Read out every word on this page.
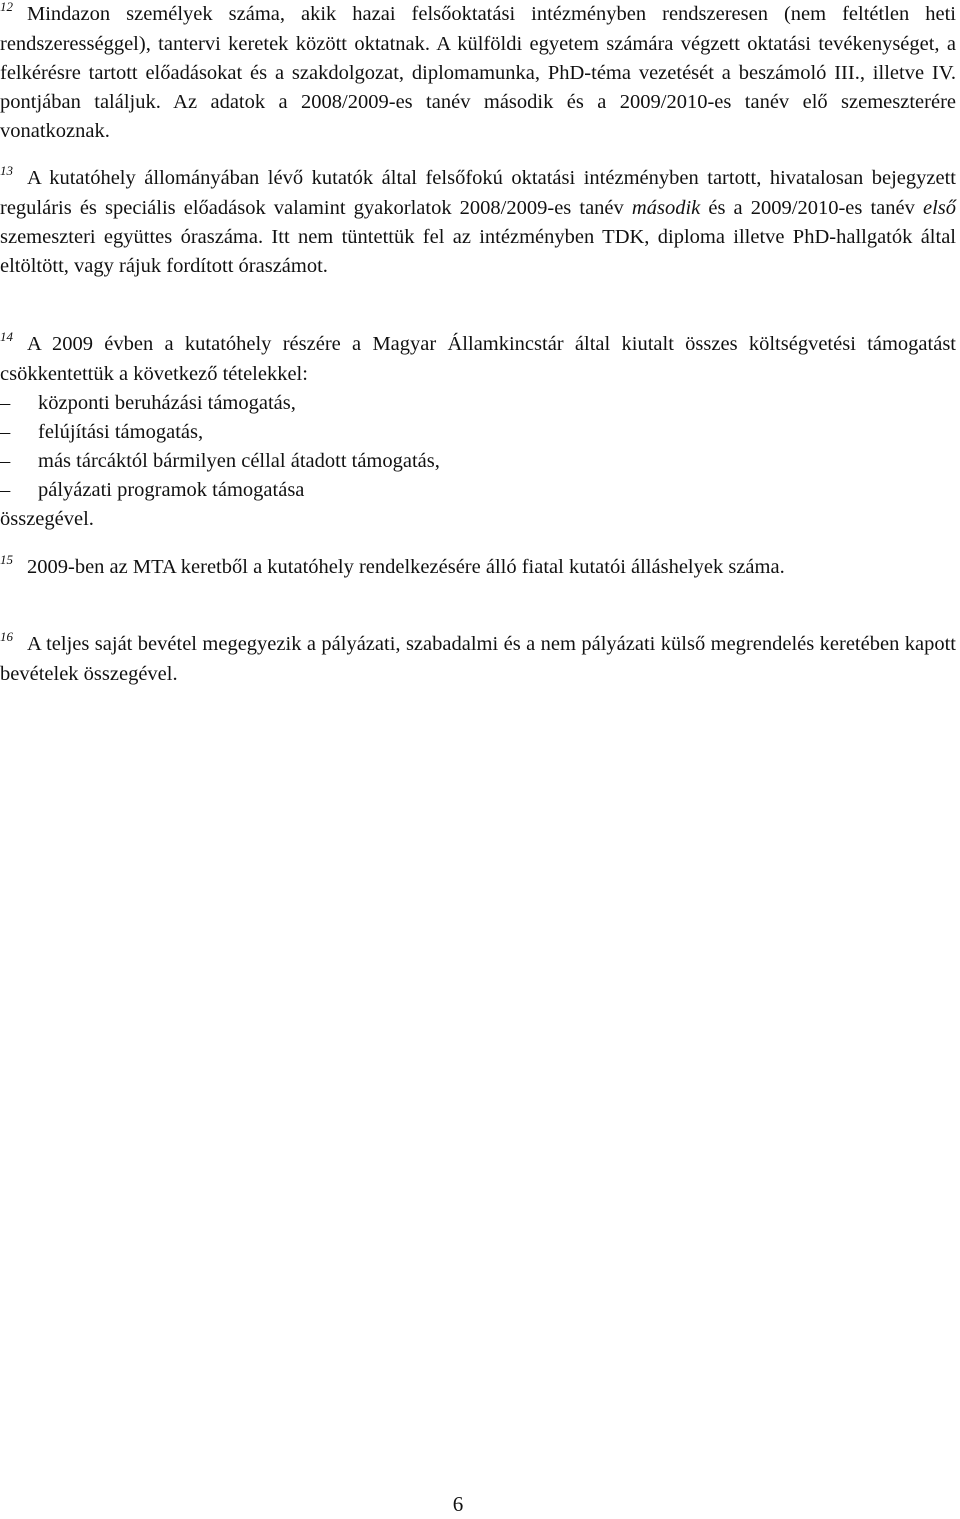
$^{12}$ Mindazon személyek száma, akik hazai felsőoktatási intézményben rendszeresen (nem feltétlen heti rendszerességgel), tantervi keretek között oktatnak. A külföldi egyetem számára végzett oktatási tevékenységet, a felkérésre tartott előadásokat és a szakdolgozat, diplomamunka, PhD-téma vezetését a beszámoló III., illetve IV. pontjában találjuk. Az adatok a 2008/2009-es tanév második és a 2009/2010-es tanév elő szemeszterére vonatkoznak.

$^{13}$ A kutatóhely állományában lévő kutatók által felsőfokú oktatási intézményben tartott, hivatalosan bejegyzett reguláris és speciális előadások valamint gyakorlatok 2008/2009-es tanév második és a 2009/2010-es tanév első szemeszteri együttes óraszáma. Itt nem tüntettük fel az intézményben TDK, diploma illetve PhD-hallgatók által eltöltött, vagy rájuk fordított óraszámot.

$^{14}$ A 2009 évben a kutatóhely részére a Magyar Államkincstár által kiutalt összes költségvetési támogatást csökkentettük a következő tételekkel:
– központi beruházási támogatás,
– felújítási támogatás,
– más tárcáktól bármilyen céllal átadott támogatás,
– pályázati programok támogatása
összegével.

$^{15}$ 2009-ben az MTA keretből a kutatóhely rendelkezésére álló fiatal kutatói álláshelyek száma.

$^{16}$ A teljes saját bevétel megegyezik a pályázati, szabadalmi és a nem pályázati külső megrendelés keretében kapott bevételek összegével.

6
